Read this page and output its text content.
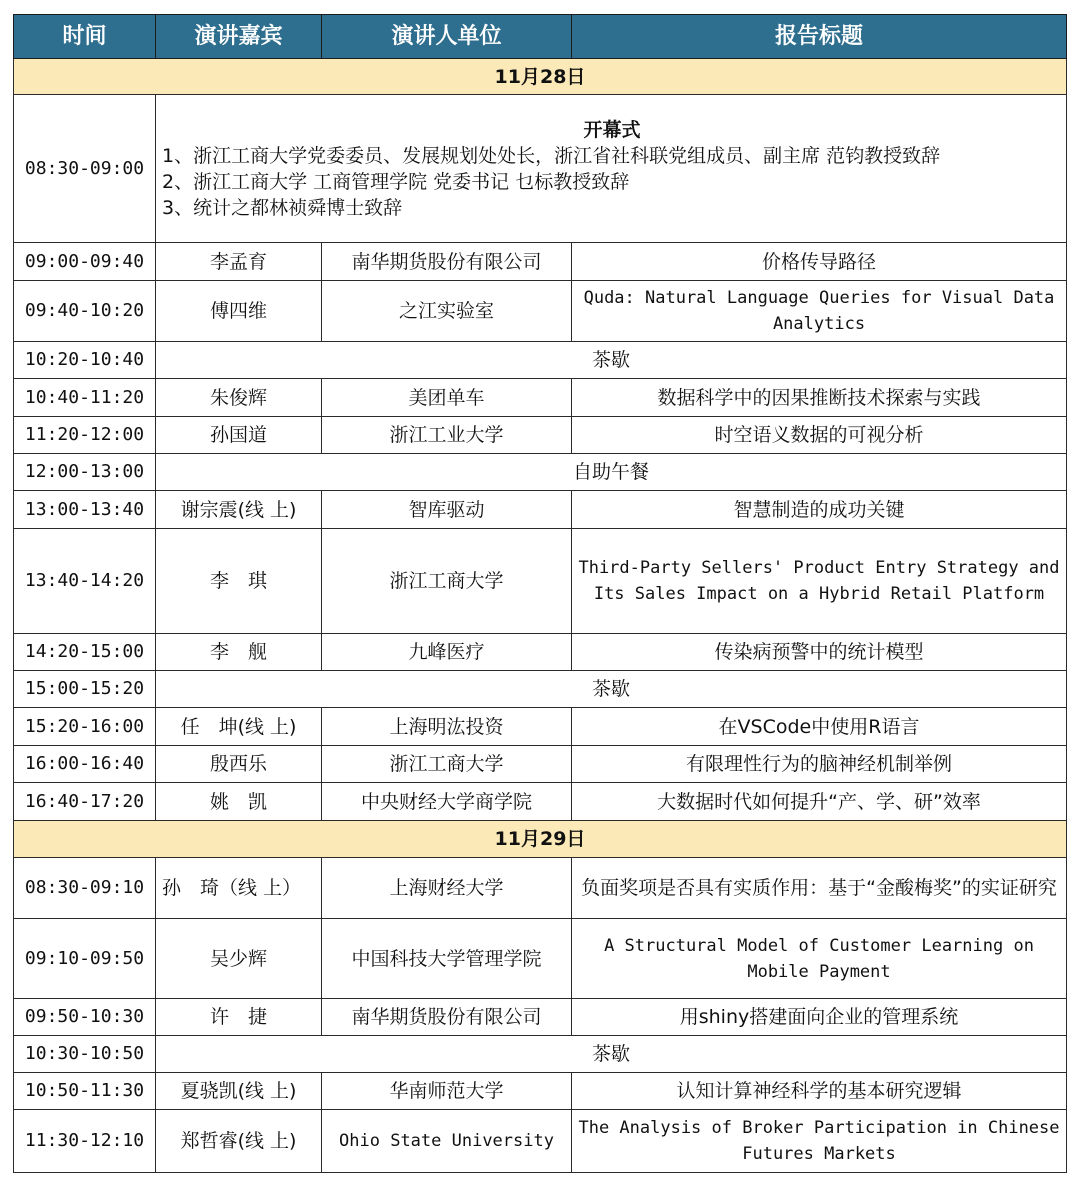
时间	演讲嘉宾	演讲人单位	报告标题
11月28日			
08:30-09:00	开幕式
1、浙江工商大学党委委员、发展规划处处长，浙江省社科联党组成员、副主席 范钧教授致辞
2、浙江工商大学 工商管理学院 党委书记 乜标教授致辞
3、统计之都林祯舜博士致辞		

09:00-09:40	李孟育	南华期货股份有限公司	价格传导路径
09:40-10:20	傅四维	之江实验室	Quda: Natural Language Queries for Visual Data Analytics
10:20-10:40	茶歇		
10:40-11:20	朱俊辉	美团单车	数据科学中的因果推断技术探索与实践
11:20-12:00	孙国道	浙江工业大学	时空语义数据的可视分析
12:00-13:00	自助午餐		
13:00-13:40	谢宗震(线 上)	智库驱动	智慧制造的成功关键
13:40-14:20	李　琪	浙江工商大学	Third-Party Sellers' Product Entry Strategy and Its Sales Impact on a Hybrid Retail Platform
14:20-15:00	李　舰	九峰医疗	传染病预警中的统计模型
15:00-15:20	茶歇		
15:20-16:00	任　坤(线 上)	上海明汯投资	在VSCode中使用R语言
16:00-16:40	殷西乐	浙江工商大学	有限理性行为的脑神经机制举例
16:40-17:20	姚　凯	中央财经大学商学院	大数据时代如何提升“产、学、研”效率
11月29日			
08:30-09:10	孙　琦（线 上）	上海财经大学	负面奖项是否具有实质作用：基于“金酸梅奖”的实证研究
09:10-09:50	吴少辉	中国科技大学管理学院	A Structural Model of Customer Learning on Mobile Payment
09:50-10:30	许　捷	南华期货股份有限公司	用shiny搭建面向企业的管理系统
10:30-10:50	茶歇		
10:50-11:30	夏骁凯(线 上)	华南师范大学	认知计算神经科学的基本研究逻辑
11:30-12:10	郑哲睿(线 上)	Ohio State University	The Analysis of Broker Participation in Chinese Futures Markets
